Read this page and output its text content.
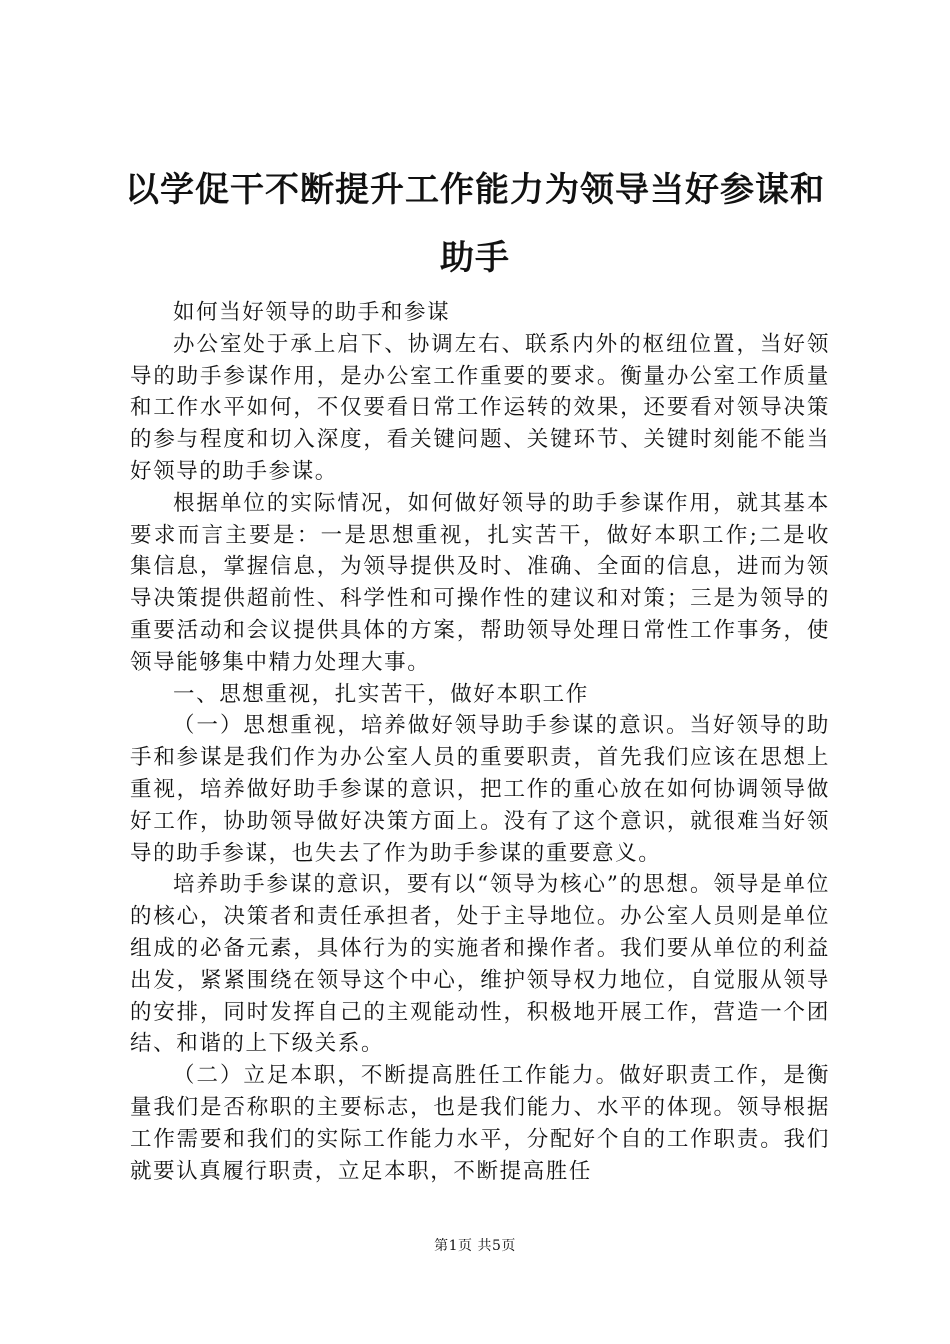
以学促干不断提升工作能力为领导当好参谋和助手

如何当好领导的助手和参谋

办公室处于承上启下、协调左右、联系内外的枢纽位置，当好领导的助手参谋作用，是办公室工作重要的要求。衡量办公室工作质量和工作水平如何，不仅要看日常工作运转的效果，还要看对领导决策的参与程度和切入深度，看关键问题、关键环节、关键时刻能不能当好领导的助手参谋。

根据单位的实际情况，如何做好领导的助手参谋作用，就其基本要求而言主要是：一是思想重视，扎实苦干，做好本职工作;二是收集信息，掌握信息，为领导提供及时、准确、全面的信息，进而为领导决策提供超前性、科学性和可操作性的建议和对策；三是为领导的重要活动和会议提供具体的方案，帮助领导处理日常性工作事务，使领导能够集中精力处理大事。

一、思想重视，扎实苦干，做好本职工作

（一）思想重视，培养做好领导助手参谋的意识。当好领导的助手和参谋是我们作为办公室人员的重要职责，首先我们应该在思想上重视，培养做好助手参谋的意识，把工作的重心放在如何协调领导做好工作，协助领导做好决策方面上。没有了这个意识，就很难当好领导的助手参谋，也失去了作为助手参谋的重要意义。

培养助手参谋的意识，要有以“领导为核心”的思想。领导是单位的核心，决策者和责任承担者，处于主导地位。办公室人员则是单位组成的必备元素，具体行为的实施者和操作者。我们要从单位的利益出发，紧紧围绕在领导这个中心，维护领导权力地位，自觉服从领导的安排，同时发挥自己的主观能动性，积极地开展工作，营造一个团结、和谐的上下级关系。

（二）立足本职，不断提高胜任工作能力。做好职责工作，是衡量我们是否称职的主要标志，也是我们能力、水平的体现。领导根据工作需要和我们的实际工作能力水平，分配好个自的工作职责。我们就要认真履行职责，立足本职，不断提高胜任

第1页 共5页
